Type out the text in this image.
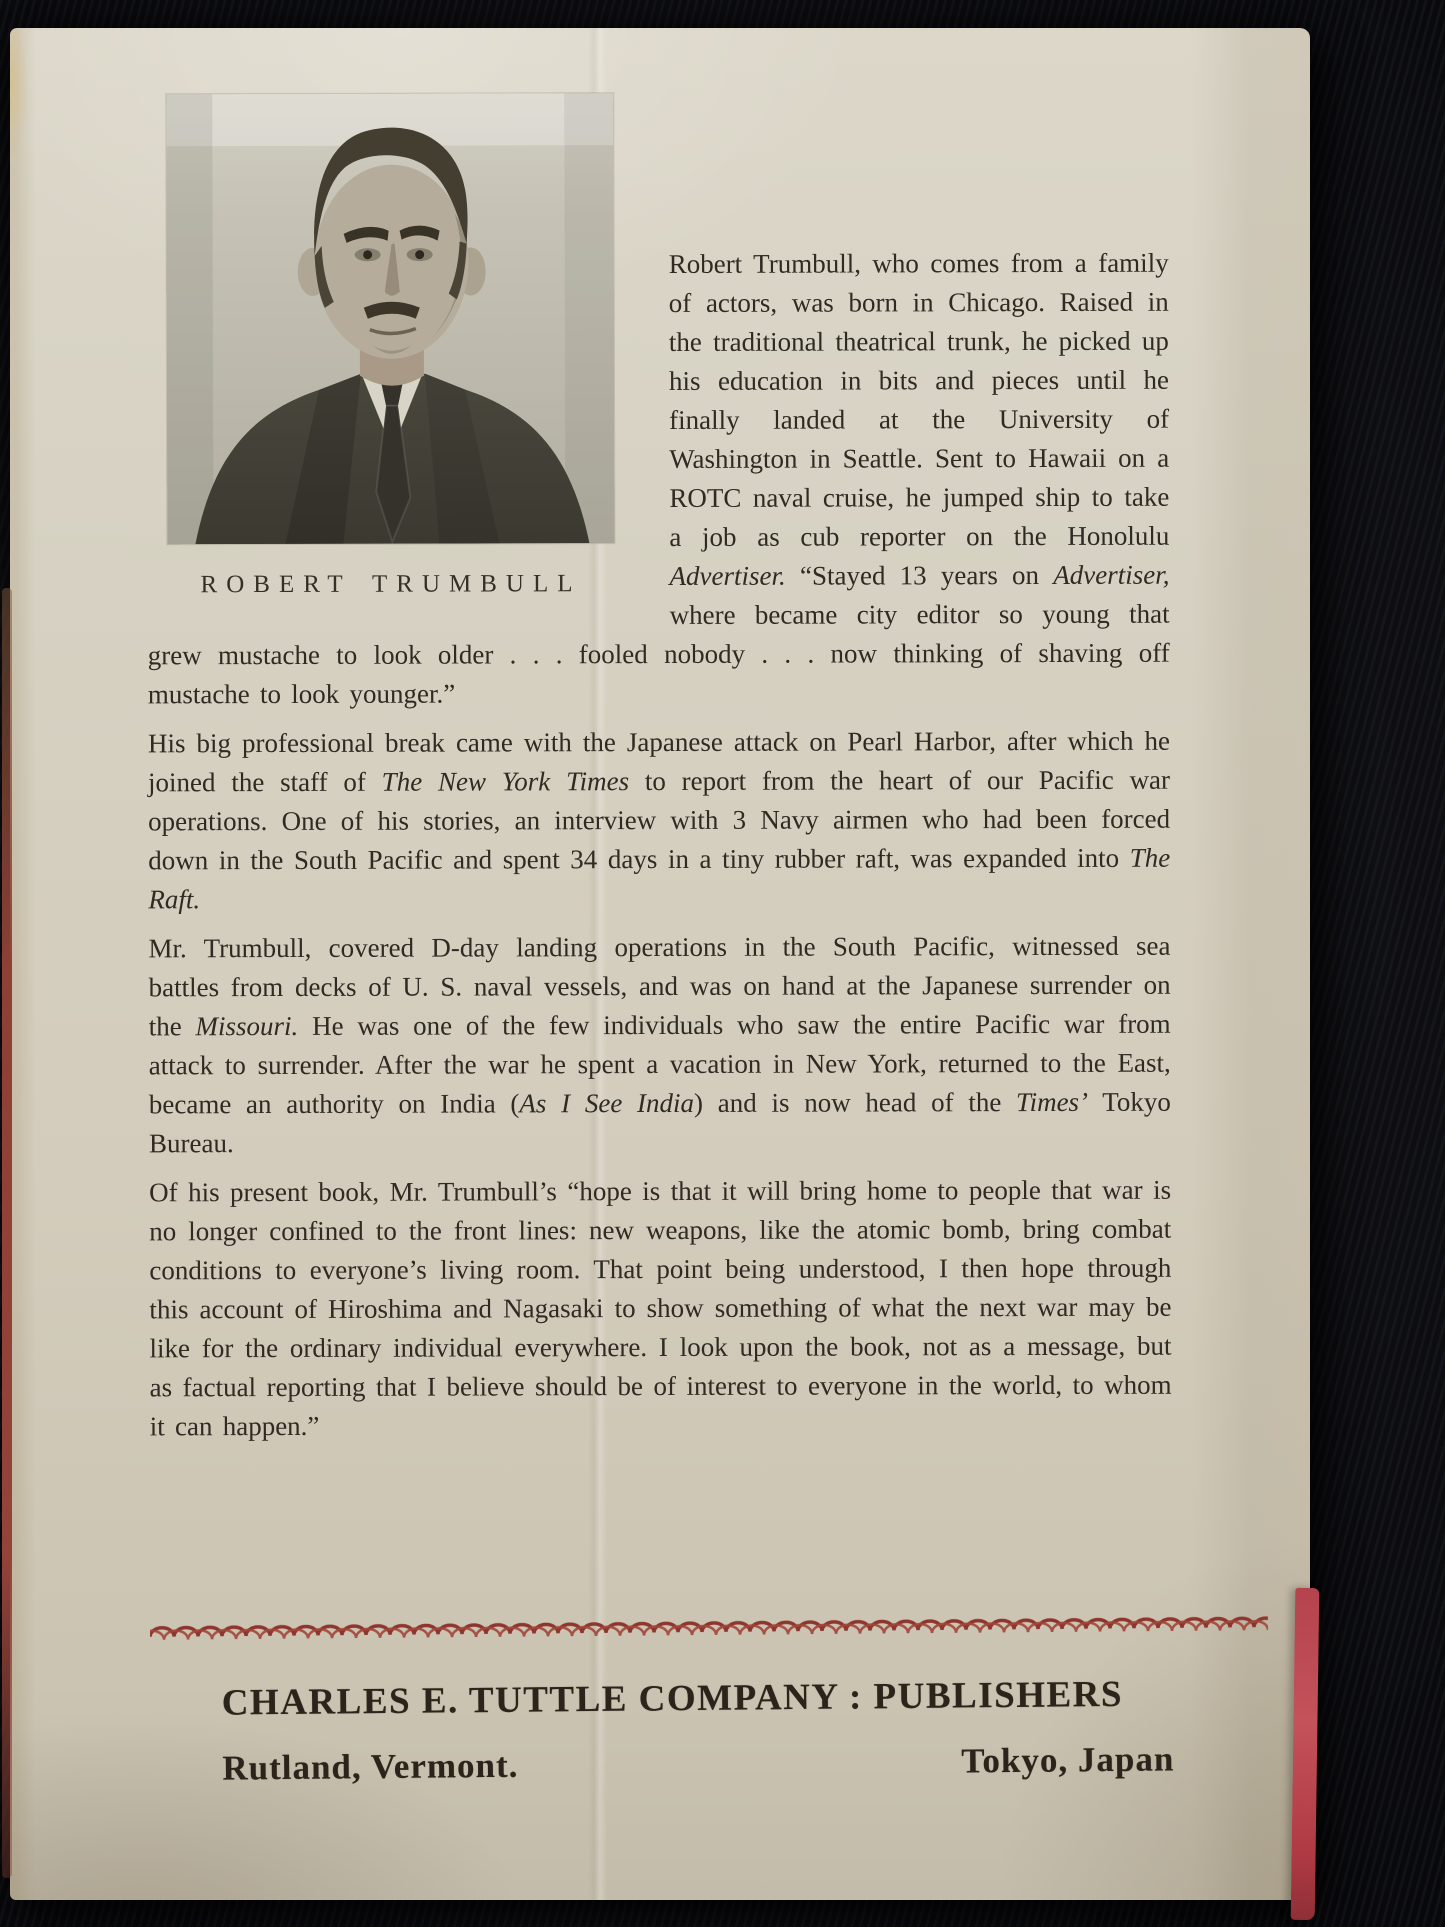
ROBERT TRUMBULL

Robert Trumbull, who comes from a family of actors, was born in Chicago. Raised in the traditional theatrical trunk, he picked up his education in bits and pieces until he finally landed at the University of Washington in Seattle. Sent to Hawaii on a ROTC naval cruise, he jumped ship to take a job as cub reporter on the Honolulu Advertiser. “Stayed 13 years on Advertiser, where became city editor so young that grew mustache to look older . . . fooled nobody . . . now thinking of shaving off mustache to look younger.”

His big professional break came with the Japanese attack on Pearl Harbor, after which he joined the staff of The New York Times to report from the heart of our Pacific war operations. One of his stories, an interview with 3 Navy airmen who had been forced down in the South Pacific and spent 34 days in a tiny rubber raft, was expanded into The Raft.

Mr. Trumbull, covered D-day landing operations in the South Pacific, witnessed sea battles from decks of U. S. naval vessels, and was on hand at the Japanese surrender on the Missouri. He was one of the few individuals who saw the entire Pacific war from attack to surrender. After the war he spent a vacation in New York, returned to the East, became an authority on India (As I See India) and is now head of the Times’ Tokyo Bureau.

Of his present book, Mr. Trumbull’s “hope is that it will bring home to people that war is no longer confined to the front lines: new weapons, like the atomic bomb, bring combat conditions to everyone’s living room. That point being understood, I then hope through this account of Hiroshima and Nagasaki to show something of what the next war may be like for the ordinary individual everywhere. I look upon the book, not as a message, but as factual reporting that I believe should be of interest to everyone in the world, to whom it can happen.”

CHARLES E. TUTTLE COMPANY : PUBLISHERS
Rutland, Vermont.	Tokyo, Japan
